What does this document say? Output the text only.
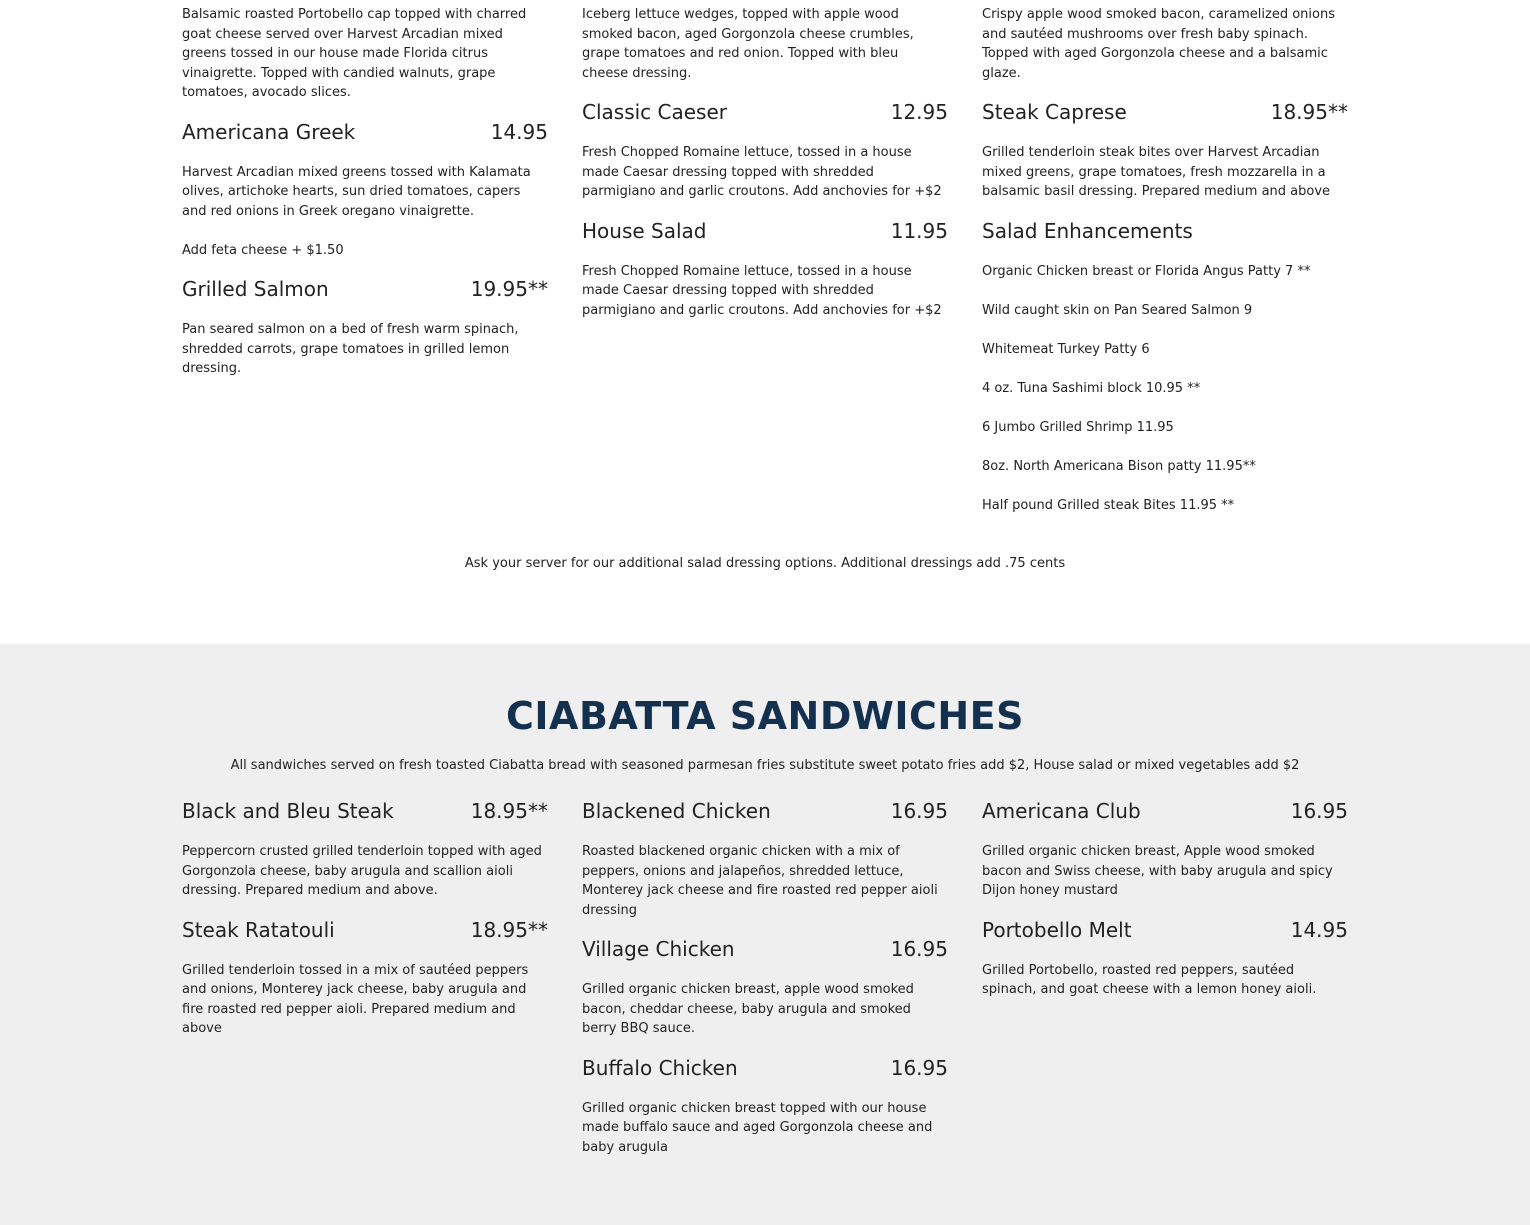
Balsamic roasted Portobello cap topped with charred goat cheese served over Harvest Arcadian mixed greens tossed in our house made Florida citrus vinaigrette. Topped with candied walnuts, grape tomatoes, avocado slices.

Americana Greek	14.95

Harvest Arcadian mixed greens tossed with Kalamata olives, artichoke hearts, sun dried tomatoes, capers and red onions in Greek oregano vinaigrette.

Add feta cheese + $1.50

Grilled Salmon	19.95**

Pan seared salmon on a bed of fresh warm spinach, shredded carrots, grape tomatoes in grilled lemon dressing.

Iceberg lettuce wedges, topped with apple wood smoked bacon, aged Gorgonzola cheese crumbles, grape tomatoes and red onion. Topped with bleu cheese dressing.

Classic Caeser	12.95

Fresh Chopped Romaine lettuce, tossed in a house made Caesar dressing topped with shredded parmigiano and garlic croutons. Add anchovies for +$2

House Salad	11.95

Fresh Chopped Romaine lettuce, tossed in a house made Caesar dressing topped with shredded parmigiano and garlic croutons. Add anchovies for +$2

Crispy apple wood smoked bacon, caramelized onions and sautéed mushrooms over fresh baby spinach. Topped with aged Gorgonzola cheese and a balsamic glaze.

Steak Caprese	18.95**

Grilled tenderloin steak bites over Harvest Arcadian mixed greens, grape tomatoes, fresh mozzarella in a balsamic basil dressing. Prepared medium and above

Salad Enhancements

Organic Chicken breast or Florida Angus Patty 7 **

Wild caught skin on Pan Seared Salmon 9

Whitemeat Turkey Patty 6

4 oz. Tuna Sashimi block 10.95 **

6 Jumbo Grilled Shrimp 11.95

8oz. North Americana Bison patty 11.95**

Half pound Grilled steak Bites 11.95 **

Ask your server for our additional salad dressing options. Additional dressings add .75 cents
CIABATTA SANDWICHES
All sandwiches served on fresh toasted Ciabatta bread with seasoned parmesan fries substitute sweet potato fries add $2, House salad or mixed vegetables add $2
Black and Bleu Steak	18.95**

Peppercorn crusted grilled tenderloin topped with aged Gorgonzola cheese, baby arugula and scallion aioli dressing. Prepared medium and above.

Steak Ratatouli	18.95**

Grilled tenderloin tossed in a mix of sautéed peppers and onions, Monterey jack cheese, baby arugula and fire roasted red pepper aioli. Prepared medium and above

Blackened Chicken	16.95

Roasted blackened organic chicken with a mix of peppers, onions and jalapeños, shredded lettuce, Monterey jack cheese and fire roasted red pepper aioli dressing

Village Chicken	16.95

Grilled organic chicken breast, apple wood smoked bacon, cheddar cheese, baby arugula and smoked berry BBQ sauce.

Buffalo Chicken	16.95

Grilled organic chicken breast topped with our house made buffalo sauce and aged Gorgonzola cheese and baby arugula

Americana Club	16.95

Grilled organic chicken breast, Apple wood smoked bacon and Swiss cheese, with baby arugula and spicy Dijon honey mustard

Portobello Melt	14.95

Grilled Portobello, roasted red peppers, sautéed spinach, and goat cheese with a lemon honey aioli.
